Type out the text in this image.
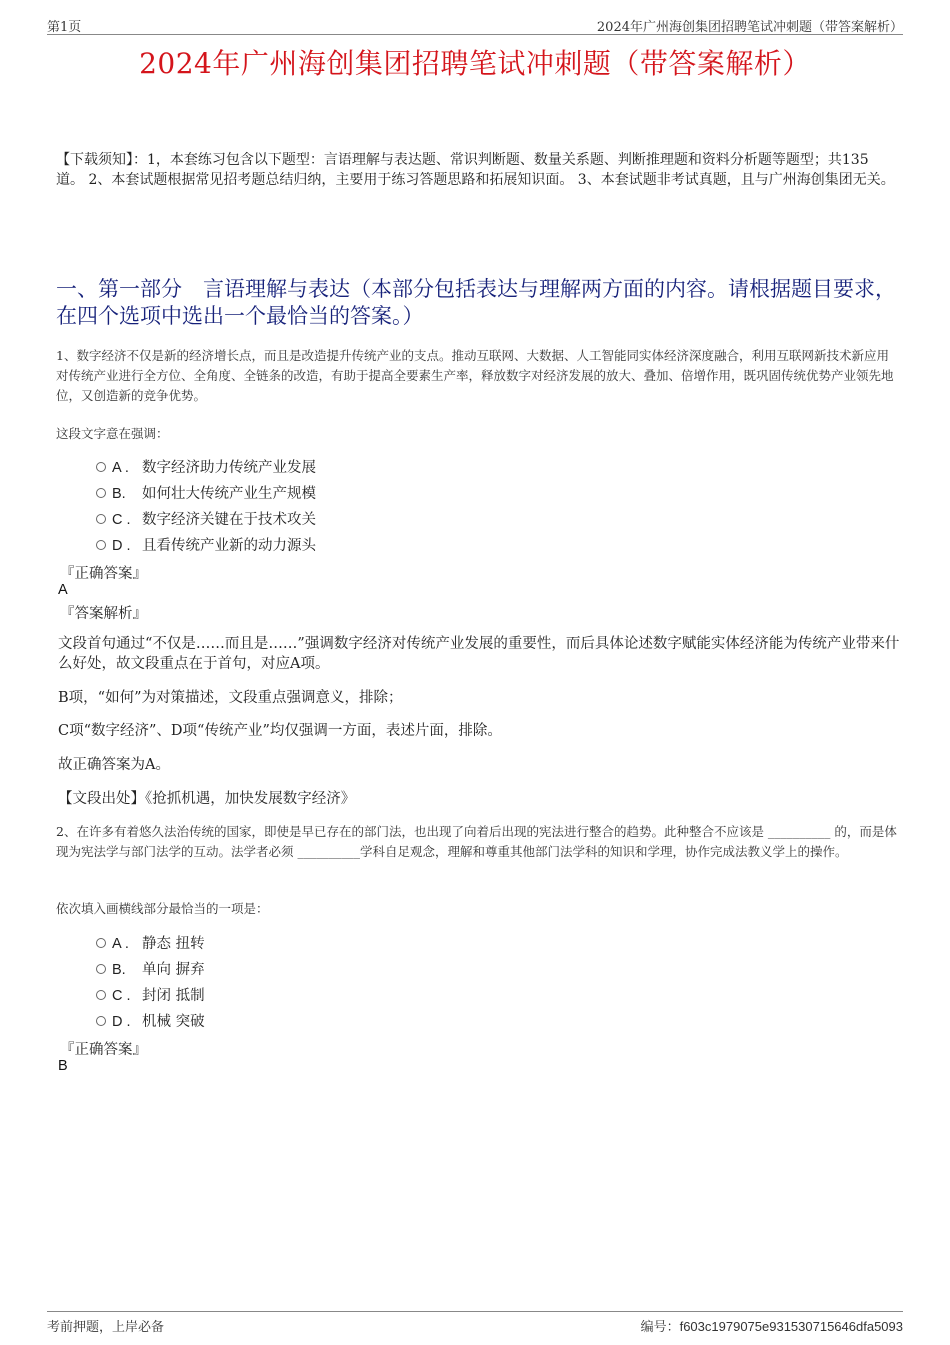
第1页	2024年广州海创集团招聘笔试冲刺题（带答案解析）
2024年广州海创集团招聘笔试冲刺题（带答案解析）
【下载须知】：1，本套练习包含以下题型：言语理解与表达题、常识判断题、数量关系题、判断推理题和资料分析题等题型；共135道。 2、本套试题根据常见招考题总结归纳，主要用于练习答题思路和拓展知识面。 3、本套试题非考试真题，且与广州海创集团无关。
一、第一部分　言语理解与表达（本部分包括表达与理解两方面的内容。请根据题目要求，在四个选项中选出一个最恰当的答案。）
1、数字经济不仅是新的经济增长点，而且是改造提升传统产业的支点。推动互联网、大数据、人工智能同实体经济深度融合，利用互联网新技术新应用对传统产业进行全方位、全角度、全链条的改造，有助于提高全要素生产率，释放数字对经济发展的放大、叠加、倍增作用，既巩固传统优势产业领先地位，又创造新的竞争优势。
这段文字意在强调：
A . 数字经济助力传统产业发展
B. 如何壮大传统产业生产规模
C . 数字经济关键在于技术攻关
D . 且看传统产业新的动力源头
『正确答案』
A
『答案解析』
文段首句通过“不仅是……而且是……”强调数字经济对传统产业发展的重要性，而后具体论述数字赋能实体经济能为传统产业带来什么好处，故文段重点在于首句，对应A项。
B项，“如何”为对策描述，文段重点强调意义，排除；
C项“数字经济”、D项“传统产业”均仅强调一方面，表述片面，排除。
故正确答案为A。
【文段出处】《抢抓机遇，加快发展数字经济》
2、在许多有着悠久法治传统的国家，即使是早已存在的部门法，也出现了向着后出现的宪法进行整合的趋势。此种整合不应该是 __________ 的，而是体现为宪法学与部门法学的互动。法学者必须 __________学科自足观念，理解和尊重其他部门法学科的知识和学理，协作完成法教义学上的操作。
依次填入画横线部分最恰当的一项是：
A . 静态 扭转
B. 单向 摒弃
C . 封闭 抵制
D . 机械 突破
『正确答案』
B
考前押题，上岸必备	编号：f603c1979075e931530715646dfa5093
